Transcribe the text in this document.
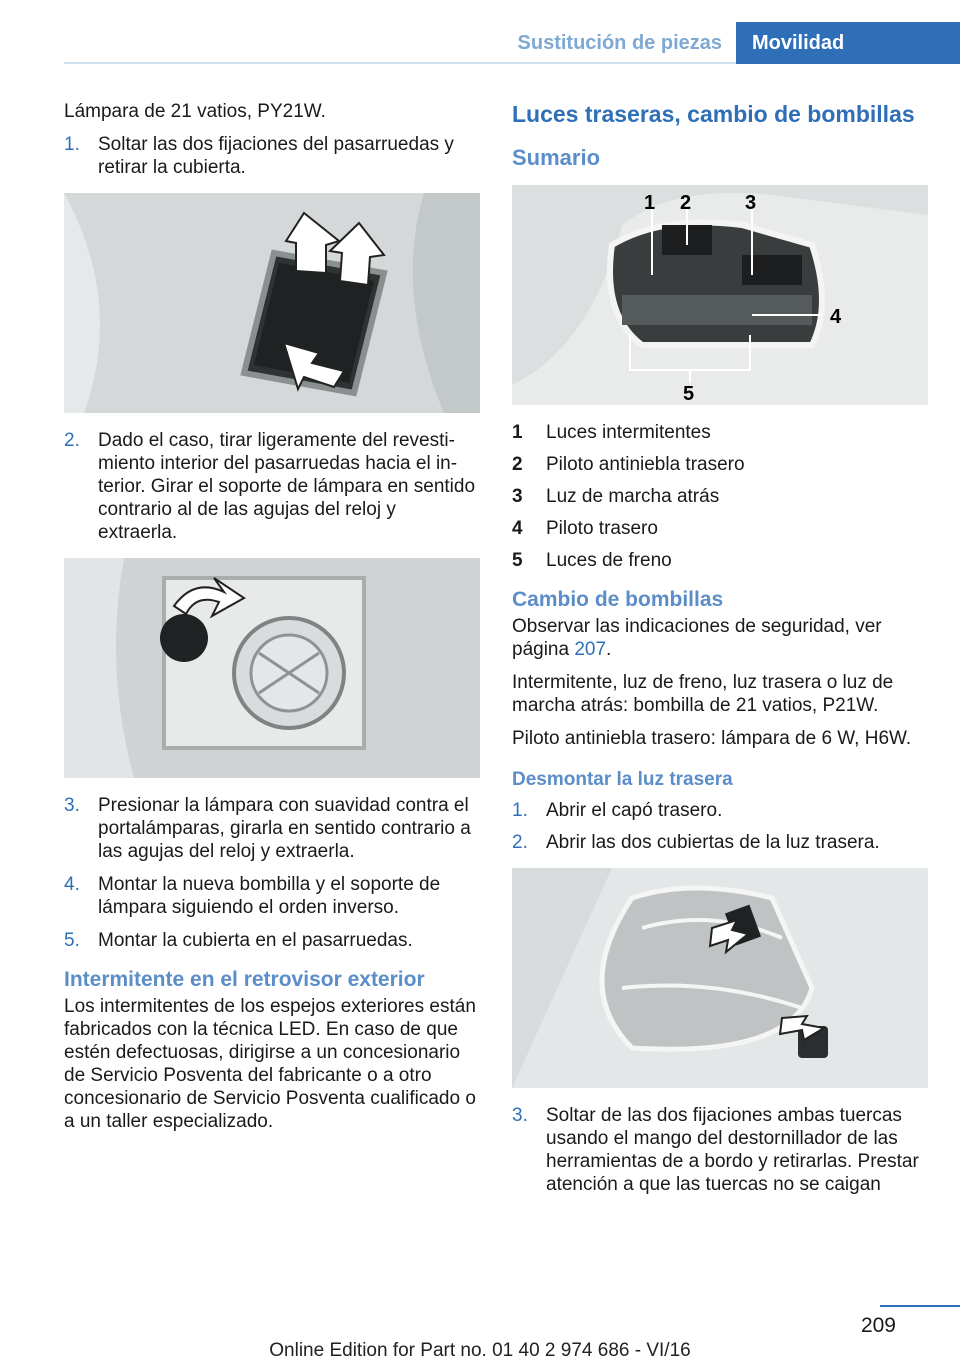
Sustitución de piezas	Movilidad

Lámpara de 21 vatios, PY21W.

1. Soltar las dos fijaciones del pasarruedas y retirar la cubierta.
2. Dado el caso, tirar ligeramente del revestimiento interior del pasarruedas hacia el interior. Girar el soporte de lámpara en sentido contrario al de las agujas del reloj y extraerla.
3. Presionar la lámpara con suavidad contra el portalámparas, girarla en sentido contrario a las agujas del reloj y extraerla.
4. Montar la nueva bombilla y el soporte de lámpara siguiendo el orden inverso.
5. Montar la cubierta en el pasarruedas.
Intermitente en el retrovisor exterior

Los intermitentes de los espejos exteriores están fabricados con la técnica LED. En caso de que estén defectuosas, dirigirse a un concesionario de Servicio Posventa del fabricante o a otro concesionario de Servicio Posventa cualificado o a un taller especializado.

Luces traseras, cambio de bombillas
Sumario
1 2	3
4
5
1	Luces intermitentes
2	Piloto antiniebla trasero
3	Luz de marcha atrás
4	Piloto trasero
5	Luces de freno
Cambio de bombillas

Observar las indicaciones de seguridad, ver página 207.

Intermitente, luz de freno, luz trasera o luz de marcha atrás: bombilla de 21 vatios, P21W.

Piloto antiniebla trasero: lámpara de 6 W, H6W.

Desmontar la luz trasera
1. Abrir el capó trasero.
2. Abrir las dos cubiertas de la luz trasera.
3. Soltar de las dos fijaciones ambas tuercas usando el mango del destornillador de las herramientas de a bordo y retirarlas. Prestar atención a que las tuercas no se caigan
209
Online Edition for Part no. 01 40 2 974 686 - VI/16
